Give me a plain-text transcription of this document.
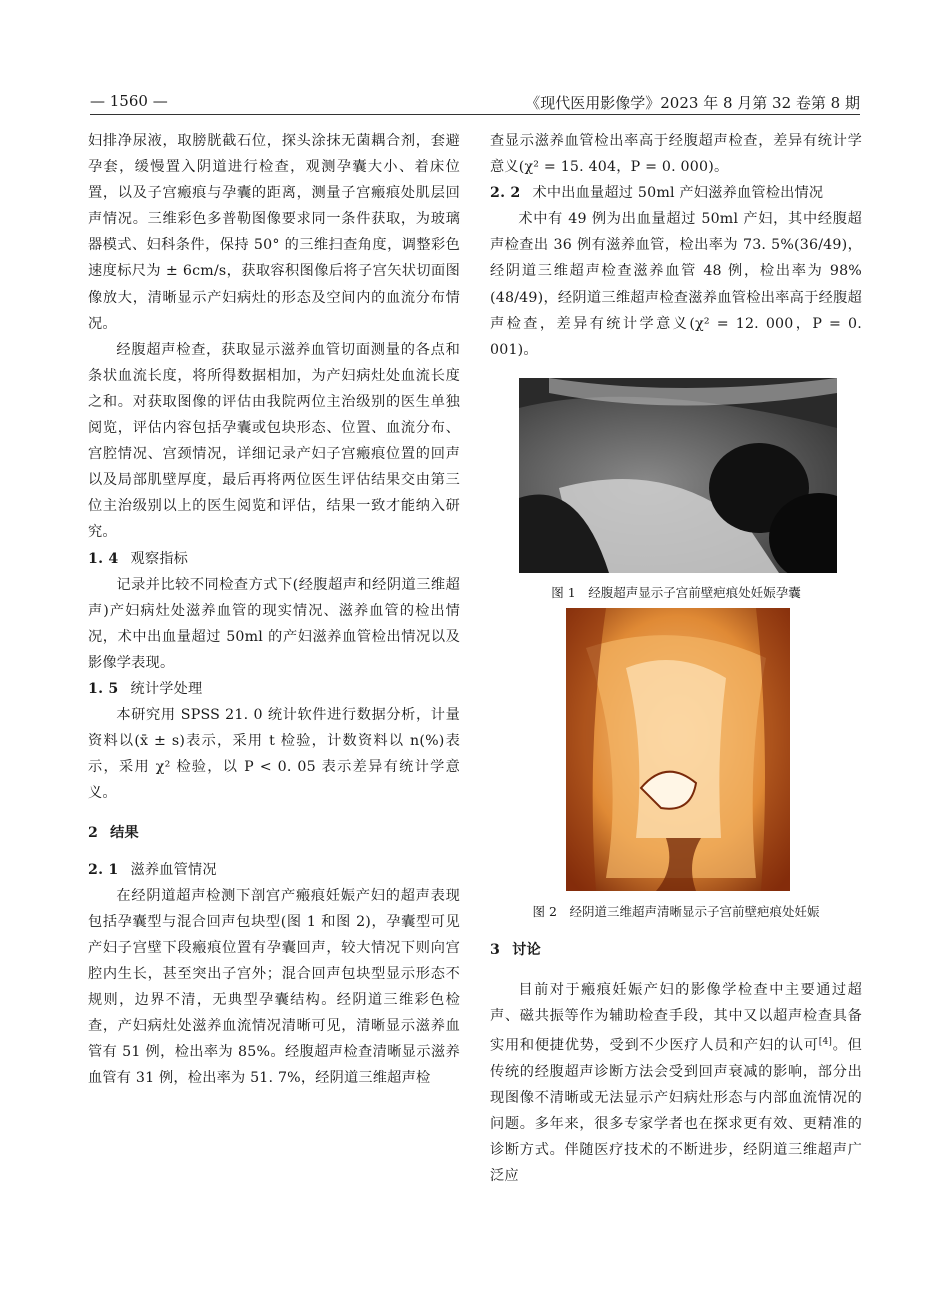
— 1560 —	《现代医用影像学》2023 年 8 月第 32 卷第 8 期

妇排净尿液，取膀胱截石位，探头涂抹无菌耦合剂，套避孕套，缓慢置入阴道进行检查，观测孕囊大小、着床位置，以及子宫瘢痕与孕囊的距离，测量子宫瘢痕处肌层回声情况。三维彩色多普勒图像要求同一条件获取，为玻璃器模式、妇科条件，保持 50° 的三维扫查角度，调整彩色速度标尺为 ± 6cm/s，获取容积图像后将子宫矢状切面图像放大，清晰显示产妇病灶的形态及空间内的血流分布情况。

经腹超声检查，获取显示滋养血管切面测量的各点和条状血流长度，将所得数据相加，为产妇病灶处血流长度之和。对获取图像的评估由我院两位主治级别的医生单独阅览，评估内容包括孕囊或包块形态、位置、血流分布、宫腔情况、宫颈情况，详细记录产妇子宫瘢痕位置的回声以及局部肌壁厚度，最后再将两位医生评估结果交由第三位主治级别以上的医生阅览和评估，结果一致才能纳入研究。

1. 4 观察指标

记录并比较不同检查方式下(经腹超声和经阴道三维超声)产妇病灶处滋养血管的现实情况、滋养血管的检出情况，术中出血量超过 50ml 的产妇滋养血管检出情况以及影像学表现。

1. 5 统计学处理

本研究用 SPSS 21. 0 统计软件进行数据分析，计量资料以(x̄ ± s)表示，采用 t 检验，计数资料以 n(%)表示，采用 χ² 检验，以 P < 0. 05 表示差异有统计学意义。

2 结果

2. 1 滋养血管情况

在经阴道超声检测下剖宫产瘢痕妊娠产妇的超声表现包括孕囊型与混合回声包块型(图 1 和图 2)，孕囊型可见产妇子宫壁下段瘢痕位置有孕囊回声，较大情况下则向宫腔内生长，甚至突出子宫外；混合回声包块型显示形态不规则，边界不清，无典型孕囊结构。经阴道三维彩色检查，产妇病灶处滋养血流情况清晰可见，清晰显示滋养血管有 51 例，检出率为 85%。经腹超声检查清晰显示滋养血管有 31 例，检出率为 51. 7%，经阴道三维超声检

查显示滋养血管检出率高于经腹超声检查，差异有统计学意义(χ² = 15. 404，P = 0. 000)。

2. 2 术中出血量超过 50ml 产妇滋养血管检出情况

术中有 49 例为出血量超过 50ml 产妇，其中经腹超声检查出 36 例有滋养血管，检出率为 73. 5%(36/49)，经阴道三维超声检查滋养血管 48 例，检出率为 98%(48/49)，经阴道三维超声检查滋养血管检出率高于经腹超声检查，差异有统计学意义(χ² = 12. 000，P = 0. 001)。

图 1　经腹超声显示子宫前壁疤痕处妊娠孕囊
图 2　经阴道三维超声清晰显示子宫前壁疤痕处妊娠

3 讨论

目前对于瘢痕妊娠产妇的影像学检查中主要通过超声、磁共振等作为辅助检查手段，其中又以超声检查具备实用和便捷优势，受到不少医疗人员和产妇的认可[4]。但传统的经腹超声诊断方法会受到回声衰减的影响，部分出现图像不清晰或无法显示产妇病灶形态与内部血流情况的问题。多年来，很多专家学者也在探求更有效、更精准的诊断方式。伴随医疗技术的不断进步，经阴道三维超声广泛应
